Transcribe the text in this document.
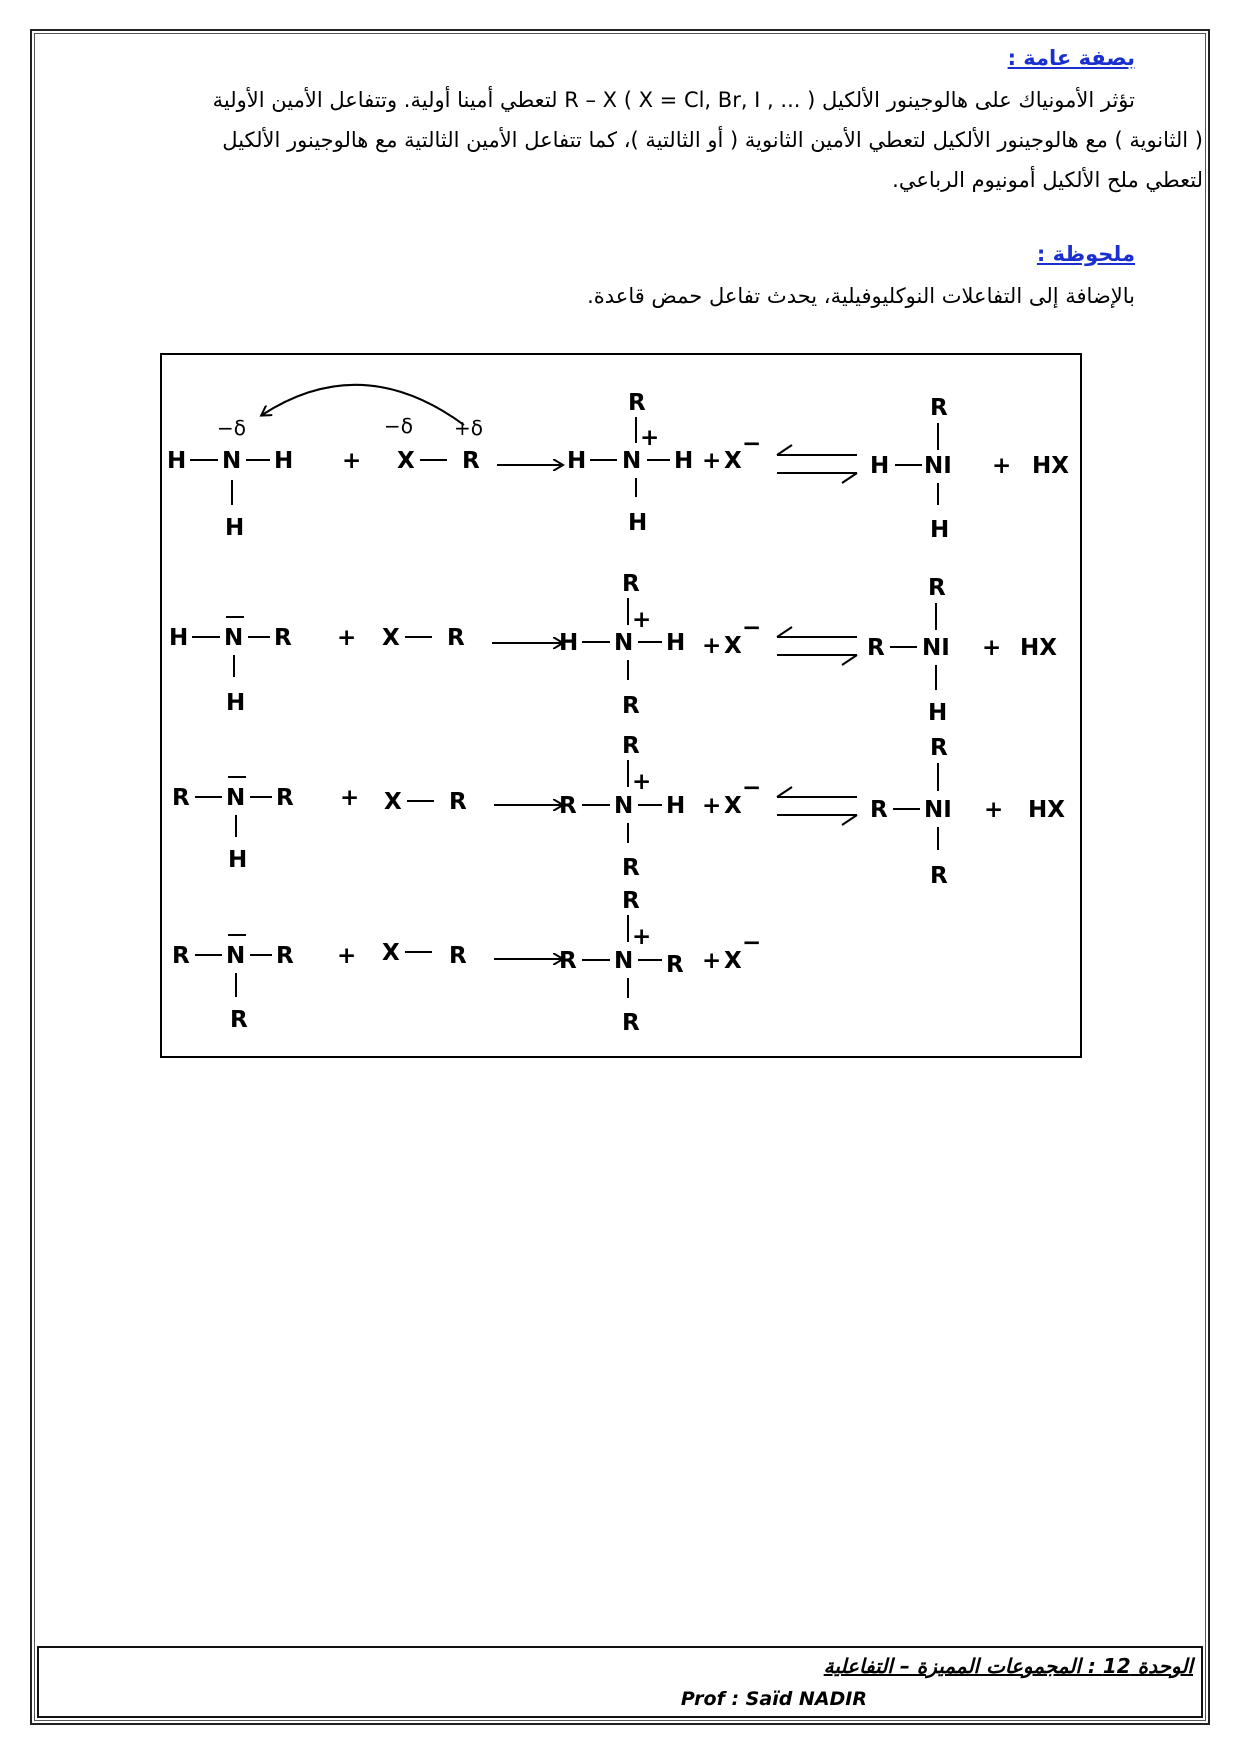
بصفة عامة :
تؤثر الأمونياك على هالوجينور الألكيل R – X ( X = Cl, Br, I , ... ) لتعطي أمينا أولية. وتتفاعل الأمين الأولية
( الثانوية ) مع هالوجينور الألكيل لتعطي الأمين الثانوية ( أو الثالتية )، كما تتفاعل الأمين الثالتية مع هالوجينور الألكيل
لتعطي ملح الألكيل أمونيوم الرباعي.
ملحوظة :
بالإضافة إلى التفاعلات النوكليوفيلية، يحدث تفاعل حمض قاعدة.
H N H
H
−δ
+ X R
−δ +δ
H N H
R
+
H
+ X
−
H NI
R
H
+ HX
H N R
H
+ X R	H N H
R
+
R
+ X
−
R NI
R
H
+ HX
R N R
H
+ X R	R N H
R
+
R
+ X
−
R NI
R
R
+ HX
R N R
R
+ X R	R N R
R
+
R
+ X
−
الوحدة 12 : المجموعات المميزة – التفاعلية
Prof : Saïd NADIR
